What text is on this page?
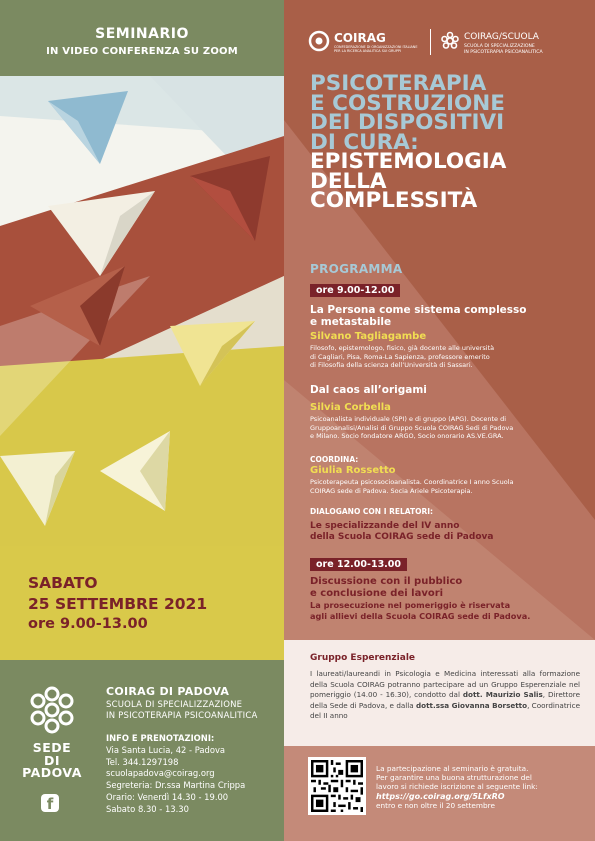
SEMINARIO
IN VIDEO CONFERENZA SU ZOOM
SABATO
25 SETTEMBRE 2021
ore 9.00-13.00
SEDE
DI PADOVA
COIRAG DI PADOVA
SCUOLA DI SPECIALIZZAZIONE
IN PSICOTERAPIA PSICOANALITICA
INFO E PRENOTAZIONI:
Via Santa Lucia, 42 - Padova
Tel. 344.1297198
scuolapadova@coirag.org
Segreteria: Dr.ssa Martina Crippa
Orario: Venerdì 14.30 - 19.00
Sabato 8.30 - 13.30
f
COIRAG
CONFEDERAZIONE DI ORGANIZZAZIONI ITALIANE PER LA RICERCA ANALITICA SUI GRUPPI
COIRAG/SCUOLA
SCUOLA DI SPECIALIZZAZIONE
IN PSICOTERAPIA PSICOANALITICA
PSICOTERAPIA
E COSTRUZIONE
DEI DISPOSITIVI
DI CURA:
EPISTEMOLOGIA
DELLA
COMPLESSITÀ
PROGRAMMA
ore 9.00-12.00
La Persona come sistema complesso
e metastabile
Silvano Tagliagambe
Filosofo, epistemologo, fisico, già docente alle università
di Cagliari, Pisa, Roma-La Sapienza, professore emerito
di Filosofia della scienza dell’Università di Sassari.
Dal caos all’origami
Silvia Corbella
Psicoanalista individuale (SPI) e di gruppo (APG). Docente di
Gruppoanalisi/Analisi di Gruppo Scuola COIRAG Sedi di Padova
e Milano. Socio fondatore ARGO, Socio onorario AS.VE.GRA.
COORDINA:
Giulia Rossetto
Psicoterapeuta psicosocioanalista. Coordinatrice I anno Scuola
COIRAG sede di Padova. Socia Ariele Psicoterapia.
DIALOGANO CON I RELATORI:
Le specializzande del IV anno
della Scuola COIRAG sede di Padova
ore 12.00-13.00
Discussione con il pubblico
e conclusione dei lavori
La prosecuzione nel pomeriggio è riservata
agli allievi della Scuola COIRAG sede di Padova.
Gruppo Esperenziale
I laureati/laureandi in Psicologia e Medicina interessati alla formazione della Scuola COIRAG potranno partecipare ad un Gruppo Esperenziale nel pomeriggio (14.00 - 16.30), condotto dal dott. Maurizio Salis, Direttore della Sede di Padova, e dalla dott.ssa Giovanna Borsetto, Coordinatrice del II anno
La partecipazione al seminario è gratuita.
Per garantire una buona strutturazione del
lavoro si richiede iscrizione al seguente link:
https://go.coirag.org/5LfxRO
entro e non oltre il 20 settembre
